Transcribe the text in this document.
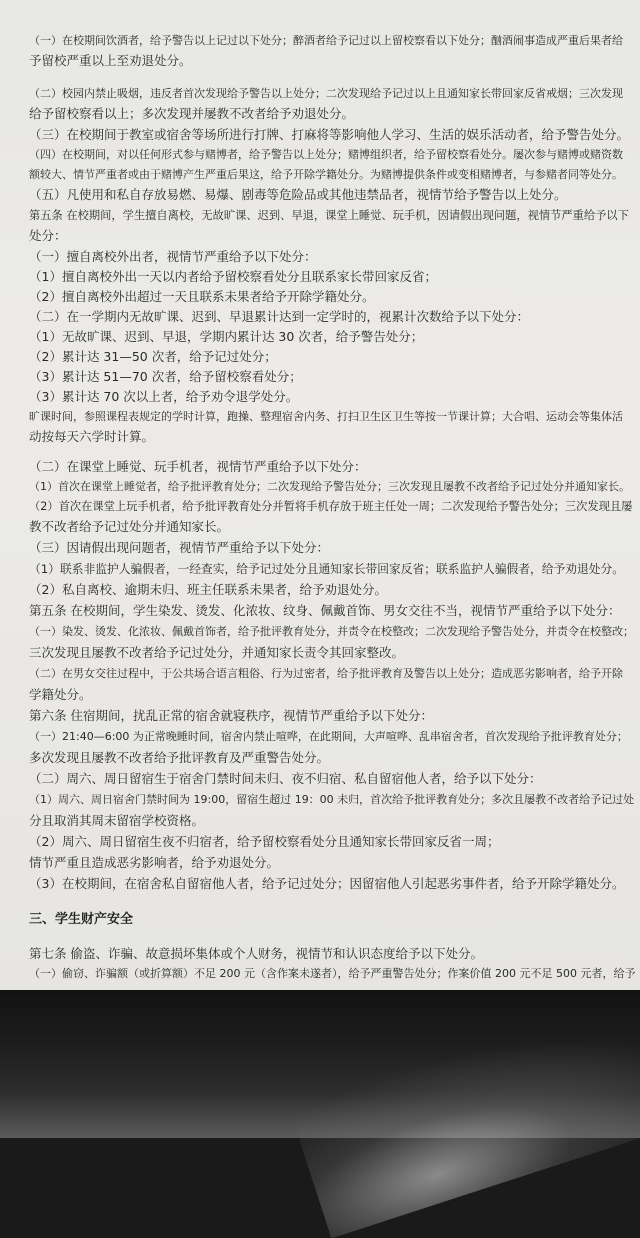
（一）在校期间饮酒者，给予警告以上记过以下处分；醉酒者给予记过以上留校察看以下处分；酗酒闹事造成严重后果者给
予留校严重以上至劝退处分。
（二）校园内禁止吸烟，违反者首次发现给予警告以上处分；二次发现给予记过以上且通知家长带回家反省戒烟；三次发现
给予留校察看以上；多次发现并屡教不改者给予劝退处分。
（三）在校期间于教室或宿舍等场所进行打牌、打麻将等影响他人学习、生活的娱乐活动者，给予警告处分。
（四）在校期间，对以任何形式参与赌博者，给予警告以上处分；赌博组织者，给予留校察看处分。屡次参与赌博或赌资数
额较大、情节严重者或由于赌博产生严重后果这，给予开除学籍处分。为赌博提供条件或变相赌博者，与参赌者同等处分。
（五）凡使用和私自存放易燃、易爆、剧毒等危险品或其他违禁品者，视情节给予警告以上处分。
第五条 在校期间，学生擅自离校，无故旷课、迟到、早退，课堂上睡觉、玩手机，因请假出现问题，视情节严重给予以下
处分：
（一）擅自离校外出者，视情节严重给予以下处分：
（1）擅自离校外出一天以内者给予留校察看处分且联系家长带回家反省；
（2）擅自离校外出超过一天且联系未果者给予开除学籍处分。
（二）在一学期内无故旷课、迟到、早退累计达到一定学时的，视累计次数给予以下处分：
（1）无故旷课、迟到、早退，学期内累计达 30 次者，给予警告处分；
（2）累计达 31—50 次者，给予记过处分；
（3）累计达 51—70 次者，给予留校察看处分；
（3）累计达 70 次以上者，给予劝令退学处分。
旷课时间，参照课程表规定的学时计算，跑操、整理宿舍内务、打扫卫生区卫生等按一节课计算；大合唱、运动会等集体活
动按每天六学时计算。
（二）在课堂上睡觉、玩手机者，视情节严重给予以下处分：
（1）首次在课堂上睡觉者，给予批评教育处分；二次发现给予警告处分；三次发现且屡教不改者给予记过处分并通知家长。
（2）首次在课堂上玩手机者，给予批评教育处分并暂将手机存放于班主任处一周；二次发现给予警告处分；三次发现且屡
教不改者给予记过处分并通知家长。
（三）因请假出现问题者，视情节严重给予以下处分：
（1）联系非监护人骗假者，一经查实，给予记过处分且通知家长带回家反省；联系监护人骗假者，给予劝退处分。
（2）私自离校、逾期未归、班主任联系未果者，给予劝退处分。
第五条 在校期间，学生染发、烫发、化浓妆、纹身、佩戴首饰、男女交往不当，视情节严重给予以下处分：
（一）染发、烫发、化浓妆、佩戴首饰者，给予批评教育处分，并责令在校整改；二次发现给予警告处分，并责令在校整改；
三次发现且屡教不改者给予记过处分，并通知家长责令其回家整改。
（二）在男女交往过程中，于公共场合语言粗俗、行为过密者，给予批评教育及警告以上处分；造成恶劣影响者，给予开除
学籍处分。
第六条 住宿期间，扰乱正常的宿舍就寝秩序，视情节严重给予以下处分：
（一）21:40—6:00 为正常晚睡时间，宿舍内禁止喧哗，在此期间，大声喧哗、乱串宿舍者，首次发现给予批评教育处分；
多次发现且屡教不改者给予批评教育及严重警告处分。
（二）周六、周日留宿生于宿舍门禁时间未归、夜不归宿、私自留宿他人者，给予以下处分：
（1）周六、周日宿舍门禁时间为 19:00，留宿生超过 19：00 未归，首次给予批评教育处分；多次且屡教不改者给予记过处
分且取消其周末留宿学校资格。
（2）周六、周日留宿生夜不归宿者，给予留校察看处分且通知家长带回家反省一周；
情节严重且造成恶劣影响者，给予劝退处分。
（3）在校期间，在宿舍私自留宿他人者，给予记过处分；因留宿他人引起恶劣事件者，给予开除学籍处分。
三、学生财产安全
第七条 偷盗、诈骗、故意损坏集体或个人财务，视情节和认识态度给予以下处分。
（一）偷窃、诈骗额（或折算额）不足 200 元（含作案未遂者），给予严重警告处分；作案价值 200 元不足 500 元者，给予
